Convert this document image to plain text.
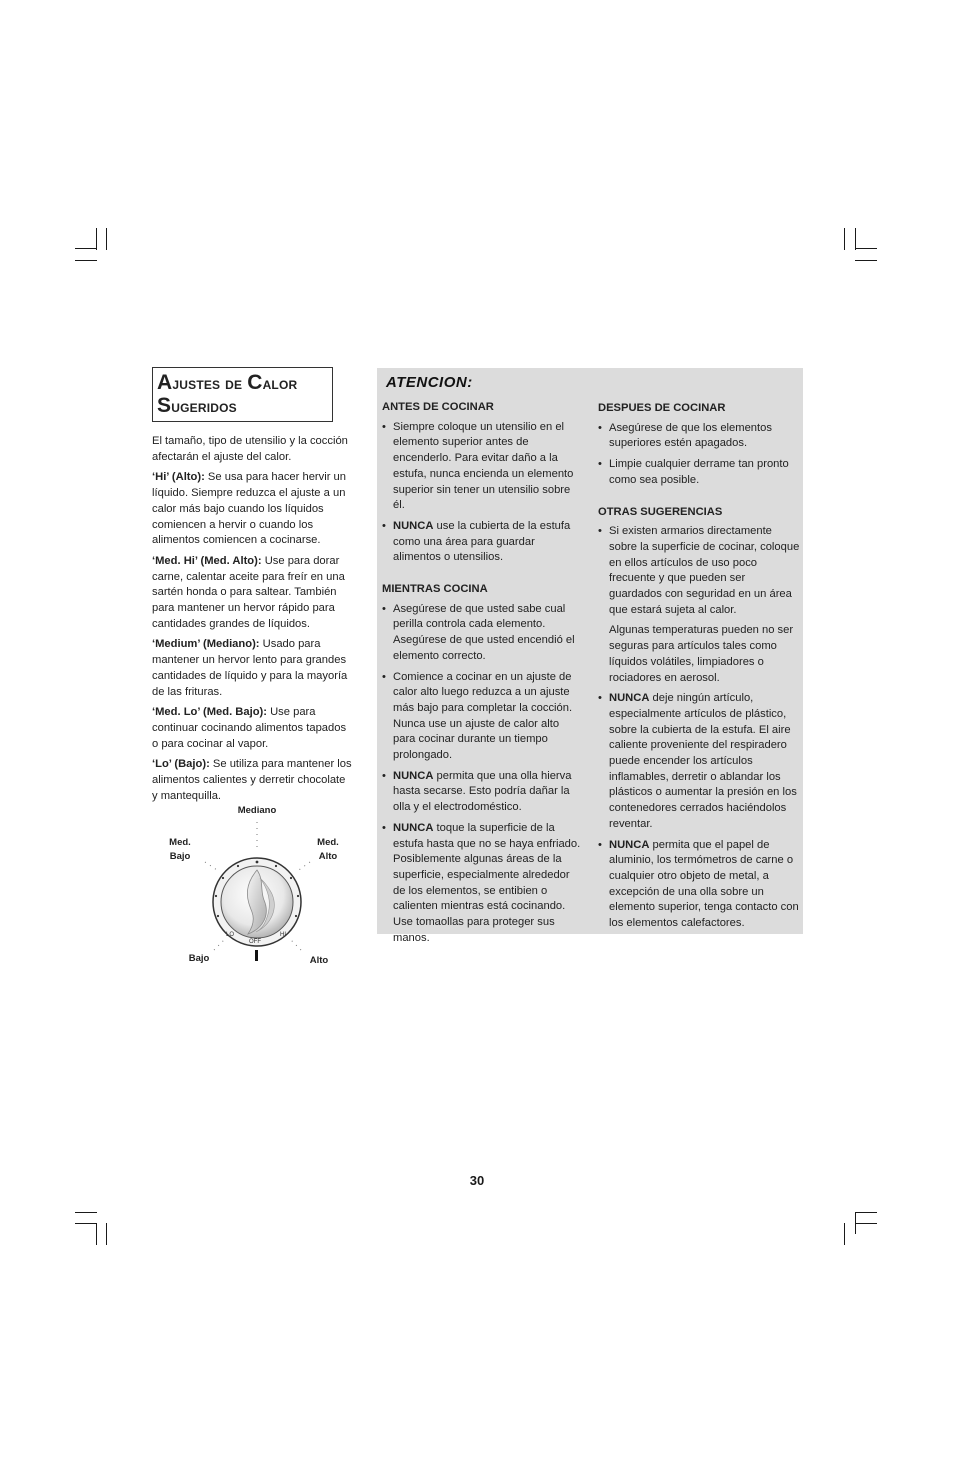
Ajustes de Calor
Sugeridos

El tamaño, tipo de utensilio y la cocción afectarán el ajuste del calor.

‘Hi’ (Alto): Se usa para hacer hervir un líquido. Siempre reduzca el ajuste a un calor más bajo cuando los líquidos comiencen a hervir o cuando los alimentos comiencen a cocinarse.

‘Med. Hi’ (Med. Alto): Use para dorar carne, calentar aceite para freír en una sartén honda o para saltear. También para mantener un hervor rápido para cantidades grandes de líquidos.

‘Medium’ (Mediano): Usado para mantener un hervor lento para grandes cantidades de líquido y para la mayoría de las frituras.

‘Med. Lo’ (Med. Bajo): Use para continuar cocinando alimentos tapados o para cocinar al vapor.

‘Lo’ (Bajo): Se utiliza para mantener los alimentos calientes y derretir chocolate y mantequilla.

Mediano
Med.
Bajo
Med.
Alto
Bajo	Alto
OFF
LO	HI
ATENCION:
ANTES DE COCINAR
• Siempre coloque un utensilio en el elemento superior antes de encenderlo. Para evitar daño a la estufa, nunca encienda un elemento superior sin tener un utensilio sobre él.
• NUNCA use la cubierta de la estufa como una área para guardar alimentos o utensilios.
MIENTRAS COCINA
• Asegúrese de que usted sabe cual perilla controla cada elemento. Asegúrese de que usted encendió el elemento correcto.
• Comience a cocinar en un ajuste de calor alto luego reduzca a un ajuste más bajo para completar la cocción. Nunca use un ajuste de calor alto para cocinar durante un tiempo prolongado.
• NUNCA permita que una olla hierva hasta secarse. Esto podría dañar la olla y el electrodoméstico.
• NUNCA toque la superficie de la estufa hasta que no se haya enfriado. Posiblemente algunas áreas de la superficie, especialmente alrededor de los elementos, se entibien o calienten mientras está cocinando. Use tomaollas para proteger sus manos.
DESPUES DE COCINAR
• Asegúrese de que los elementos superiores estén apagados.
• Limpie cualquier derrame tan pronto como sea posible.
OTRAS SUGERENCIAS
• Si existen armarios directamente sobre la superficie de cocinar, coloque en ellos artículos de uso poco frecuente y que pueden ser guardados con seguridad en un área que estará sujeta al calor.
Algunas temperaturas pueden no ser seguras para artículos tales como líquidos volátiles, limpiadores o rociadores en aerosol.
• NUNCA deje ningún artículo, especialmente artículos de plástico, sobre la cubierta de la estufa. El aire caliente proveniente del respiradero puede encender los artículos inflamables, derretir o ablandar los plásticos o aumentar la presión en los contenedores cerrados haciéndolos reventar.
• NUNCA permita que el papel de aluminio, los termómetros de carne o cualquier otro objeto de metal, a excepción de una olla sobre un elemento superior, tenga contacto con los elementos calefactores.
30
